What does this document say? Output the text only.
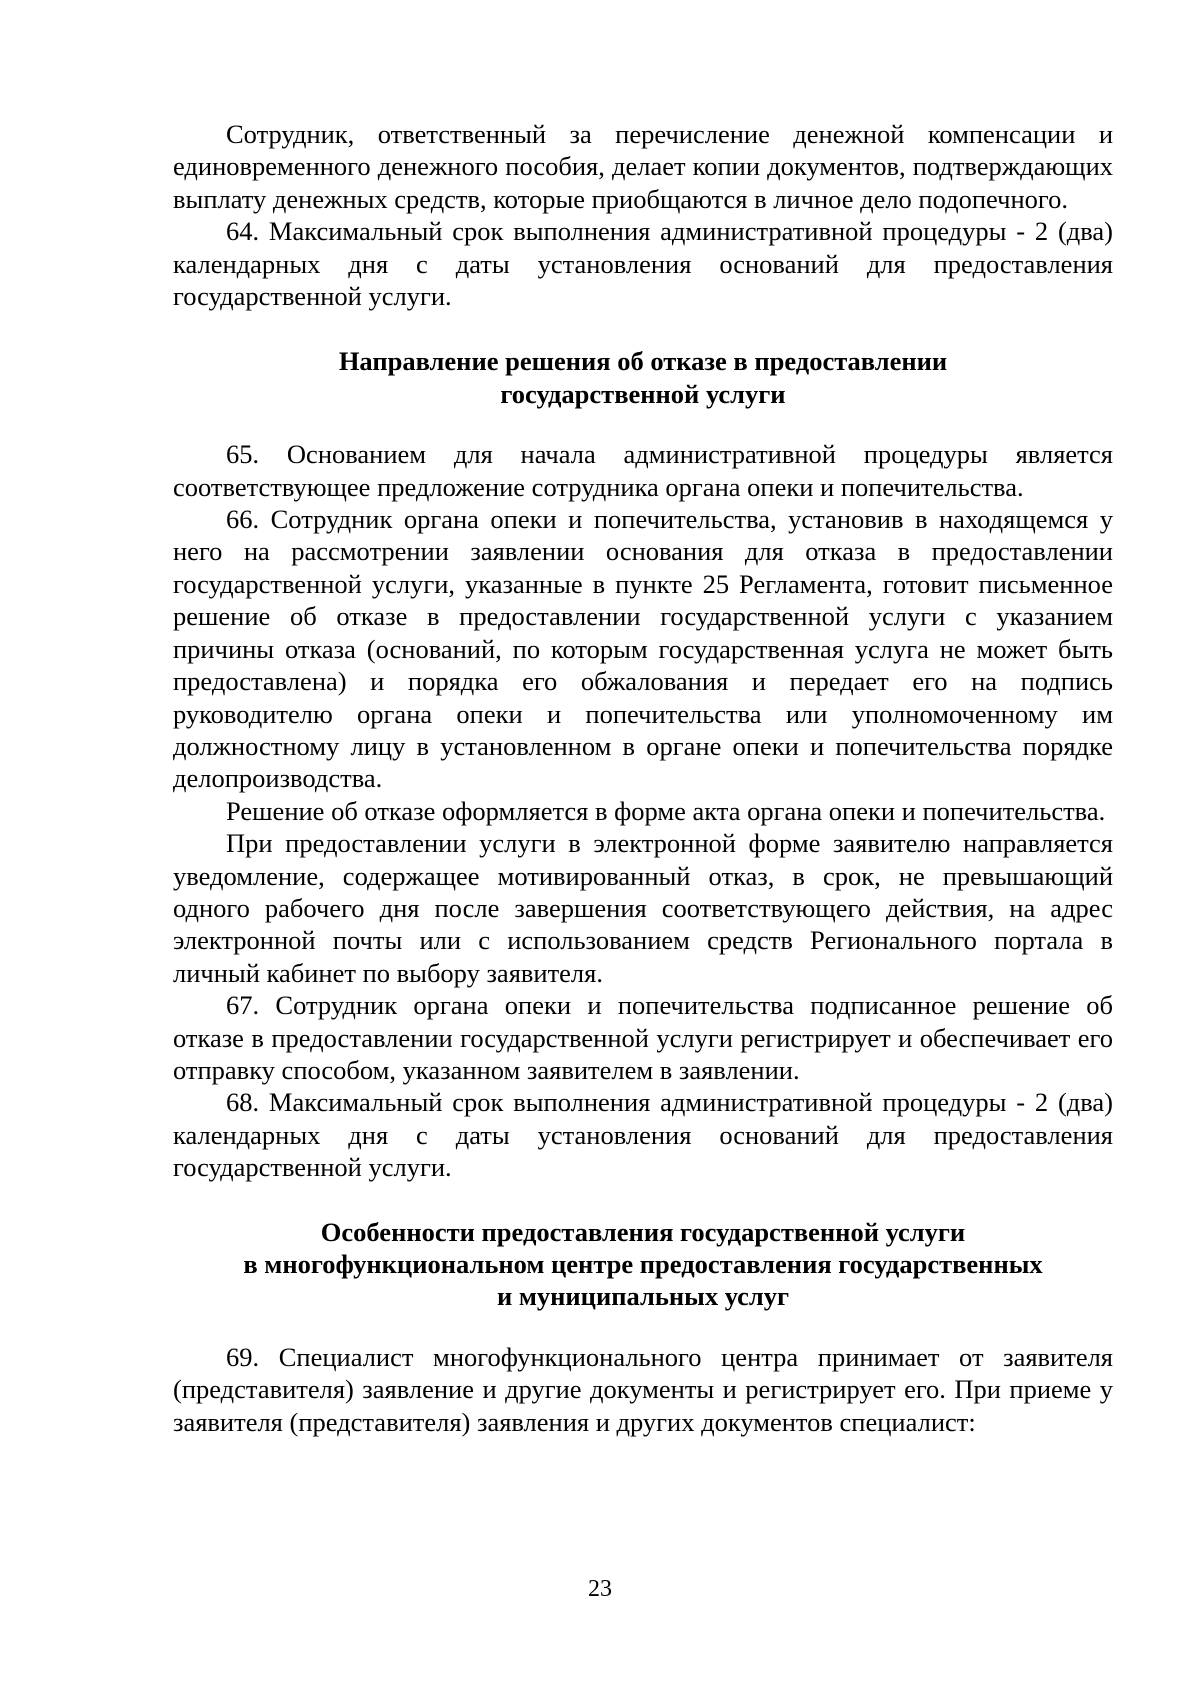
Сотрудник, ответственный за перечисление денежной компенсации и единовременного денежного пособия, делает копии документов, подтверждающих выплату денежных средств, которые приобщаются в личное дело подопечного.

64. Максимальный срок выполнения административной процедуры - 2 (два) календарных дня с даты установления оснований для предоставления государственной услуги.

Направление решения об отказе в предоставлении
государственной услуги

65. Основанием для начала административной процедуры является соответствующее предложение сотрудника органа опеки и попечительства.

66. Сотрудник органа опеки и попечительства, установив в находящемся у него на рассмотрении заявлении основания для отказа в предоставлении государственной услуги, указанные в пункте 25 Регламента, готовит письменное решение об отказе в предоставлении государственной услуги с указанием причины отказа (оснований, по которым государственная услуга не может быть предоставлена) и порядка его обжалования и передает его на подпись руководителю органа опеки и попечительства или уполномоченному им должностному лицу в установленном в органе опеки и попечительства порядке делопроизводства.

Решение об отказе оформляется в форме акта органа опеки и попечительства.

При предоставлении услуги в электронной форме заявителю направляется уведомление, содержащее мотивированный отказ, в срок, не превышающий одного рабочего дня после завершения соответствующего действия, на адрес электронной почты или с использованием средств Регионального портала в личный кабинет по выбору заявителя.

67. Сотрудник органа опеки и попечительства подписанное решение об отказе в предоставлении государственной услуги регистрирует и обеспечивает его отправку способом, указанном заявителем в заявлении.

68. Максимальный срок выполнения административной процедуры - 2 (два) календарных дня с даты установления оснований для предоставления государственной услуги.

Особенности предоставления государственной услуги
в многофункциональном центре предоставления государственных
и муниципальных услуг

69. Специалист многофункционального центра принимает от заявителя (представителя) заявление и другие документы и регистрирует его. При приеме у заявителя (представителя) заявления и других документов специалист:

23
